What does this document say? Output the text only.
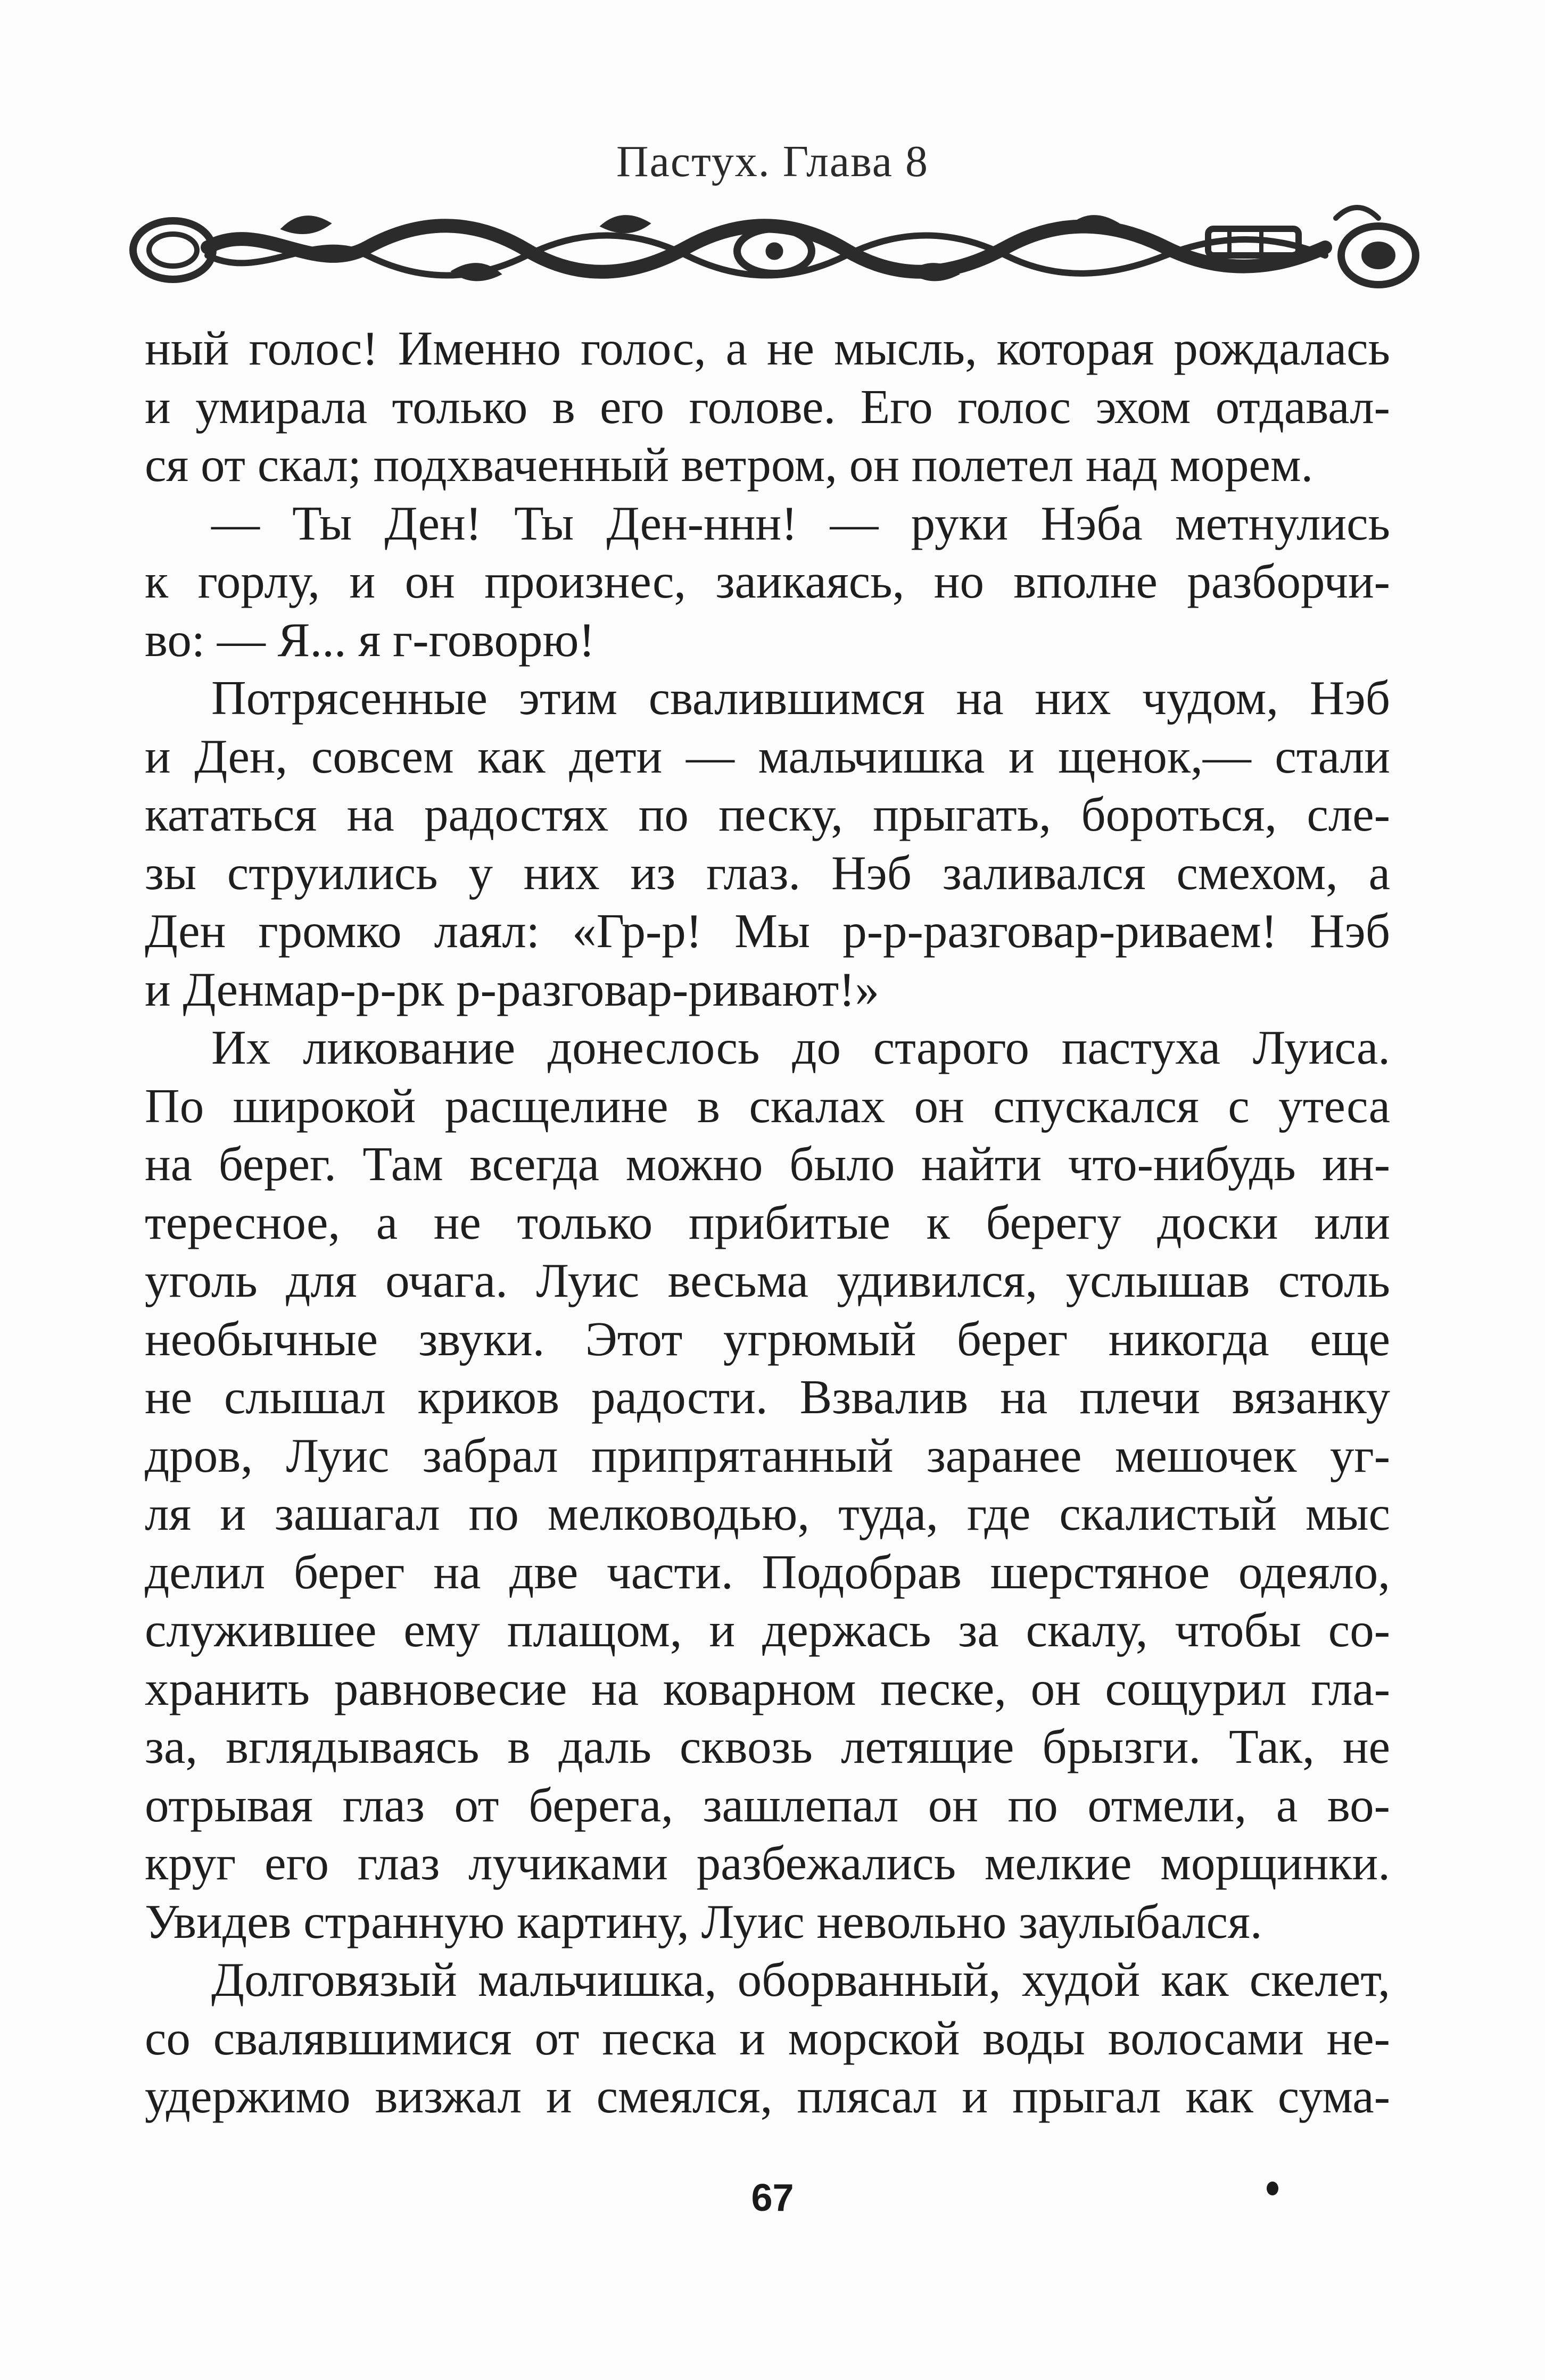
Пастух. Глава 8

ный голос! Именно голос, а не мысль, которая рождалась

и умирала только в его голове. Его голос эхом отдавал-

ся от скал; подхваченный ветром, он полетел над морем.

— Ты Ден! Ты Ден-ннн! — руки Нэба метнулись

к горлу, и он произнес, заикаясь, но вполне разборчи-

во: — Я... я г-говорю!

Потрясенные этим свалившимся на них чудом, Нэб

и Ден, совсем как дети — мальчишка и щенок,— стали

кататься на радостях по песку, прыгать, бороться, сле-

зы струились у них из глаз. Нэб заливался смехом, а

Ден громко лаял: «Гр-р! Мы р-р-разговар-риваем! Нэб

и Денмар-р-рк р-разговар-ривают!»

Их ликование донеслось до старого пастуха Луиса.

По широкой расщелине в скалах он спускался с утеса

на берег. Там всегда можно было найти что-нибудь ин-

тересное, а не только прибитые к берегу доски или

уголь для очага. Луис весьма удивился, услышав столь

необычные звуки. Этот угрюмый берег никогда еще

не слышал криков радости. Взвалив на плечи вязанку

дров, Луис забрал припрятанный заранее мешочек уг-

ля и зашагал по мелководью, туда, где скалистый мыс

делил берег на две части. Подобрав шерстяное одеяло,

служившее ему плащом, и держась за скалу, чтобы со-

хранить равновесие на коварном песке, он сощурил гла-

за, вглядываясь в даль сквозь летящие брызги. Так, не

отрывая глаз от берега, зашлепал он по отмели, а во-

круг его глаз лучиками разбежались мелкие морщинки.

Увидев странную картину, Луис невольно заулыбался.

Долговязый мальчишка, оборванный, худой как скелет,

со свалявшимися от песка и морской воды волосами не-

удержимо визжал и смеялся, плясал и прыгал как сума-

67
